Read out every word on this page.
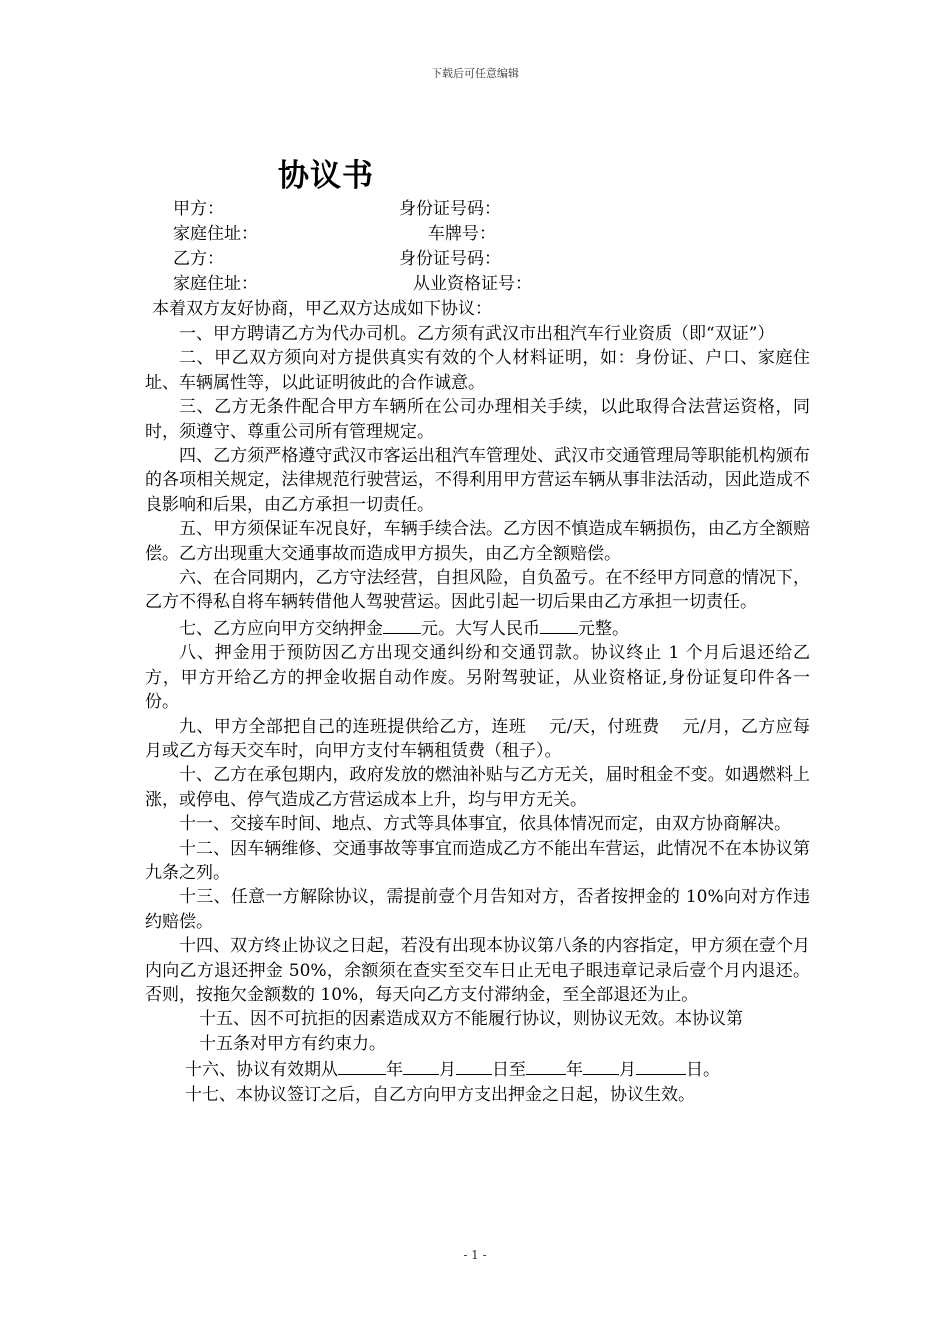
下载后可任意编辑
协议书
甲方：	身份证号码：
家庭住址：	车牌号：
乙方：	身份证号码：
家庭住址：	从业资格证号：
本着双方友好协商，甲乙双方达成如下协议：

一、甲方聘请乙方为代办司机。乙方须有武汉市出租汽车行业资质（即“双证”）

二、甲乙双方须向对方提供真实有效的个人材料证明，如：身份证、户口、家庭住址、车辆属性等，以此证明彼此的合作诚意。

三、乙方无条件配合甲方车辆所在公司办理相关手续，以此取得合法营运资格，同时，须遵守、尊重公司所有管理规定。

四、乙方须严格遵守武汉市客运出租汽车管理处、武汉市交通管理局等职能机构颁布的各项相关规定，法律规范行驶营运，不得利用甲方营运车辆从事非法活动，因此造成不良影响和后果，由乙方承担一切责任。

五、甲方须保证车况良好，车辆手续合法。乙方因不慎造成车辆损伤，由乙方全额赔偿。乙方出现重大交通事故而造成甲方损失，由乙方全额赔偿。

六、在合同期内，乙方守法经营，自担风险，自负盈亏。在不经甲方同意的情况下，乙方不得私自将车辆转借他人驾驶营运。因此引起一切后果由乙方承担一切责任。

七、乙方应向甲方交纳押金 元。大写人民币 元整。

八、押金用于预防因乙方出现交通纠纷和交通罚款。协议终止 1 个月后退还给乙方，甲方开给乙方的押金收据自动作废。另附驾驶证，从业资格证,身份证复印件各一份。

九、甲方全部把自己的连班提供给乙方，连班　 元/天，付班费　 元/月，乙方应每月或乙方每天交车时，向甲方支付车辆租赁费（租子）。

十、乙方在承包期内，政府发放的燃油补贴与乙方无关，届时租金不变。如遇燃料上涨，或停电、停气造成乙方营运成本上升，均与甲方无关。

十一、交接车时间、地点、方式等具体事宜，依具体情况而定，由双方协商解决。

十二、因车辆维修、交通事故等事宜而造成乙方不能出车营运，此情况不在本协议第九条之列。

十三、任意一方解除协议，需提前壹个月告知对方，否者按押金的 10%向对方作违约赔偿。

十四、双方终止协议之日起，若没有出现本协议第八条的内容指定，甲方须在壹个月内向乙方退还押金 50%，余额须在查实至交车日止无电子眼违章记录后壹个月内退还。否则，按拖欠金额数的 10%，每天向乙方支付滞纳金，至全部退还为止。

十五、因不可抗拒的因素造成双方不能履行协议，则协议无效。本协议第
十五条对甲方有约束力。

十六、协议有效期从	年 月 日至 年 月	日。

十七、本协议签订之后，自乙方向甲方支出押金之日起，协议生效。

- 1 -
